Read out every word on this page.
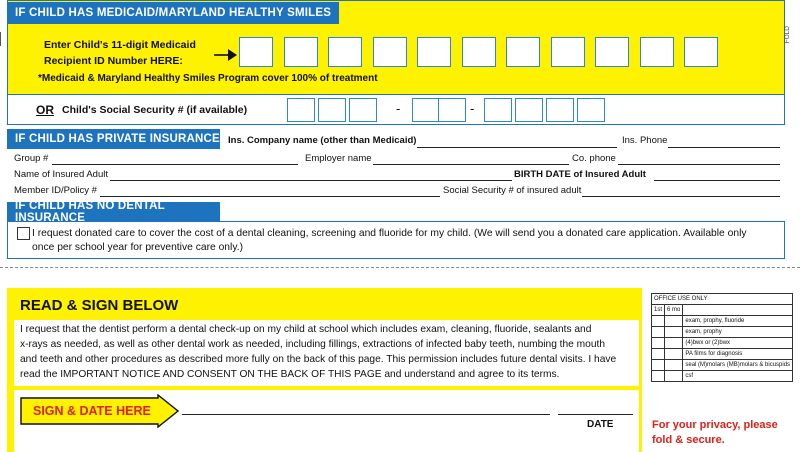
IF CHILD HAS MEDICAID/MARYLAND HEALTHY SMILES
Enter Child's 11-digit Medicaid
Recipient ID Number HERE:
*Medicaid & Maryland Healthy Smiles Program cover 100% of treatment
OR Child's Social Security # (if available)	-	-
IF CHILD HAS PRIVATE INSURANCE Ins. Company name (other than Medicaid)	Ins. Phone
Group #	Employer name	Co. phone
Name of Insured Adult	BIRTH DATE of Insured Adult
Member ID/Policy #	Social Security # of insured adult
IF CHILD HAS NO DENTAL INSURANCE
I request donated care to cover the cost of a dental cleaning, screening and fluoride for my child. (We will send you a donated care application. Available only
once per school year for preventive care only.)
FOLD
READ & SIGN BELOW
I request that the dentist perform a dental check-up on my child at school which includes exam, cleaning, fluoride, sealants and
x-rays as needed, as well as other dental work as needed, including fillings, extractions of infected baby teeth, numbing the mouth
and teeth and other procedures as described more fully on the back of this page. This permission includes future dental visits. I have
read the IMPORTANT NOTICE AND CONSENT ON THE BACK OF THIS PAGE and understand and agree to its terms.
SIGN & DATE HERE
DATE
OFFICE USE ONLY		
1st	6 mo	
		exam, prophy, fluoride
		exam, prophy
		(4)bwx or (2)bwx
		PA films for diagnosis
		seal (M)molars (MB)molars & bicuspids
		csf
For your privacy, please
fold & secure.
